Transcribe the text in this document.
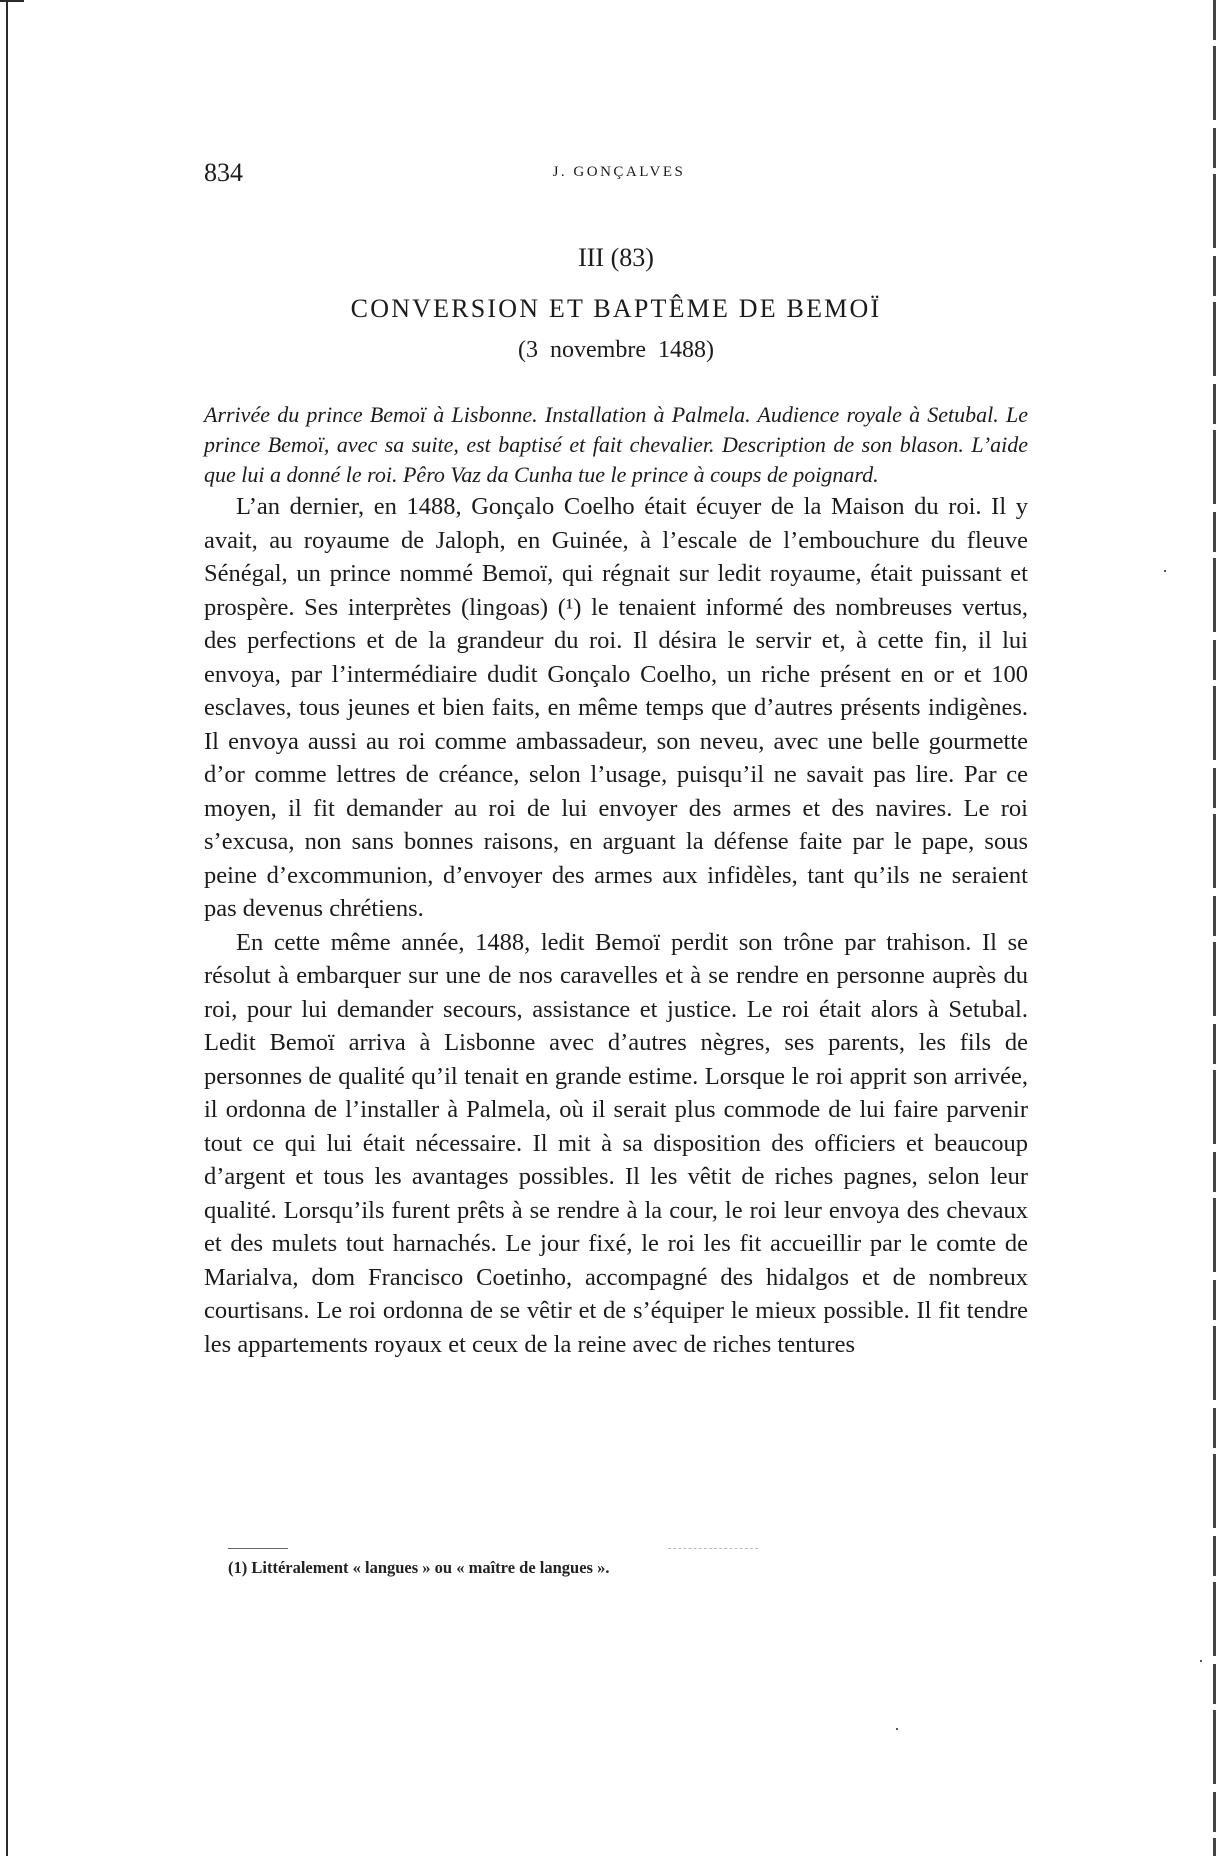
834	J. GONÇALVES
III (83)
CONVERSION ET BAPTÊME DE BEMOÏ
(3 novembre 1488)

Arrivée du prince Bemoï à Lisbonne. Installation à Palmela. Audience royale à Setubal. Le prince Bemoï, avec sa suite, est baptisé et fait chevalier. Description de son blason. L’aide que lui a donné le roi. Pêro Vaz da Cunha tue le prince à coups de poignard.

L’an dernier, en 1488, Gonçalo Coelho était écuyer de la Maison du roi. Il y avait, au royaume de Jaloph, en Guinée, à l’escale de l’embouchure du fleuve Sénégal, un prince nommé Bemoï, qui régnait sur ledit royaume, était puissant et prospère. Ses interprètes (lingoas) (¹) le tenaient informé des nombreuses vertus, des perfections et de la grandeur du roi. Il désira le servir et, à cette fin, il lui envoya, par l’intermédiaire dudit Gonçalo Coelho, un riche présent en or et 100 esclaves, tous jeunes et bien faits, en même temps que d’autres présents indigènes. Il envoya aussi au roi comme ambassadeur, son neveu, avec une belle gourmette d’or comme lettres de créance, selon l’usage, puisqu’il ne savait pas lire. Par ce moyen, il fit demander au roi de lui envoyer des armes et des navires. Le roi s’excusa, non sans bonnes raisons, en arguant la défense faite par le pape, sous peine d’excommunion, d’envoyer des armes aux infidèles, tant qu’ils ne seraient pas devenus chrétiens.

En cette même année, 1488, ledit Bemoï perdit son trône par trahison. Il se résolut à embarquer sur une de nos caravelles et à se rendre en personne auprès du roi, pour lui demander secours, assistance et justice. Le roi était alors à Setubal. Ledit Bemoï arriva à Lisbonne avec d’autres nègres, ses parents, les fils de personnes de qualité qu’il tenait en grande estime. Lorsque le roi apprit son arrivée, il ordonna de l’installer à Palmela, où il serait plus commode de lui faire parvenir tout ce qui lui était nécessaire. Il mit à sa disposition des officiers et beaucoup d’argent et tous les avantages possibles. Il les vêtit de riches pagnes, selon leur qualité. Lorsqu’ils furent prêts à se rendre à la cour, le roi leur envoya des chevaux et des mulets tout harnachés. Le jour fixé, le roi les fit accueillir par le comte de Marialva, dom Francisco Coetinho, accompagné des hidalgos et de nombreux courtisans. Le roi ordonna de se vêtir et de s’équiper le mieux possible. Il fit tendre les appartements royaux et ceux de la reine avec de riches tentures

(1) Littéralement « langues » ou « maître de langues ».
